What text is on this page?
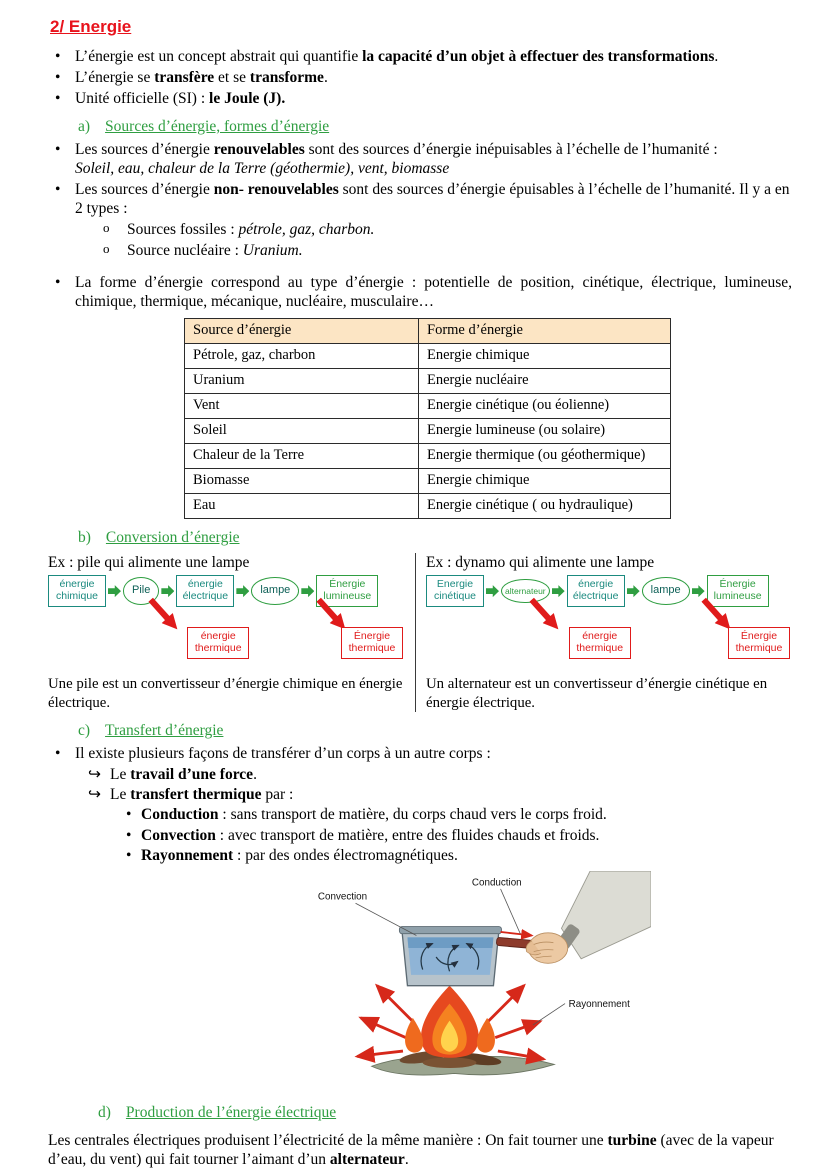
2/ Energie
• L’énergie est un concept abstrait qui quantifie la capacité d’un objet à effectuer des transformations.
• L’énergie se transfère et se transforme.
• Unité officielle (SI) : le Joule (J).
a) Sources d’énergie, formes d’énergie
• Les sources d’énergie renouvelables sont des sources d’énergie inépuisables à l’échelle de l’humanité :
Soleil, eau, chaleur de la Terre (géothermie), vent, biomasse
• Les sources d’énergie non- renouvelables sont des sources d’énergie épuisables à l’échelle de l’humanité. Il y a en 2 types :
o	Sources fossiles : pétrole, gaz, charbon.
o	Source nucléaire : Uranium.
• La forme d’énergie correspond au type d’énergie : potentielle de position, cinétique, électrique, lumineuse, chimique, thermique, mécanique, nucléaire, musculaire…
Source d’énergie	Forme d’énergie
Pétrole, gaz, charbon	Energie chimique
Uranium	Energie nucléaire
Vent	Energie cinétique (ou éolienne)
Soleil	Energie lumineuse (ou solaire)
Chaleur de la Terre	Energie thermique (ou géothermique)
Biomasse	Energie chimique
Eau	Energie cinétique ( ou hydraulique)
b) Conversion d’énergie
Ex : pile qui alimente une lampe
énergie chimique	Pile	énergie électrique	lampe	Énergie lumineuse
énergie thermique
Énergie thermique
Une pile est un convertisseur d’énergie chimique en énergie électrique.
Ex : dynamo qui alimente une lampe
Energie cinétique	alternateur
énergie électrique	lampe	Énergie lumineuse
énergie thermique
Énergie thermique
Un alternateur est un convertisseur d’énergie cinétique en énergie électrique.
c) Transfert d’énergie
• Il existe plusieurs façons de transférer d’un corps à un autre corps :
↪ Le travail d’une force.
↪ Le transfert thermique par :
• Conduction : sans transport de matière, du corps chaud vers le corps froid.
• Convection : avec transport de matière, entre des fluides chauds et froids.
• Rayonnement : par des ondes électromagnétiques.
Convection
Conduction
Rayonnement
d) Production de l’énergie électrique
Les centrales électriques produisent l’électricité de la même manière : On fait tourner une turbine (avec de la vapeur d’eau, du vent) qui fait tourner l’aimant d’un alternateur.
